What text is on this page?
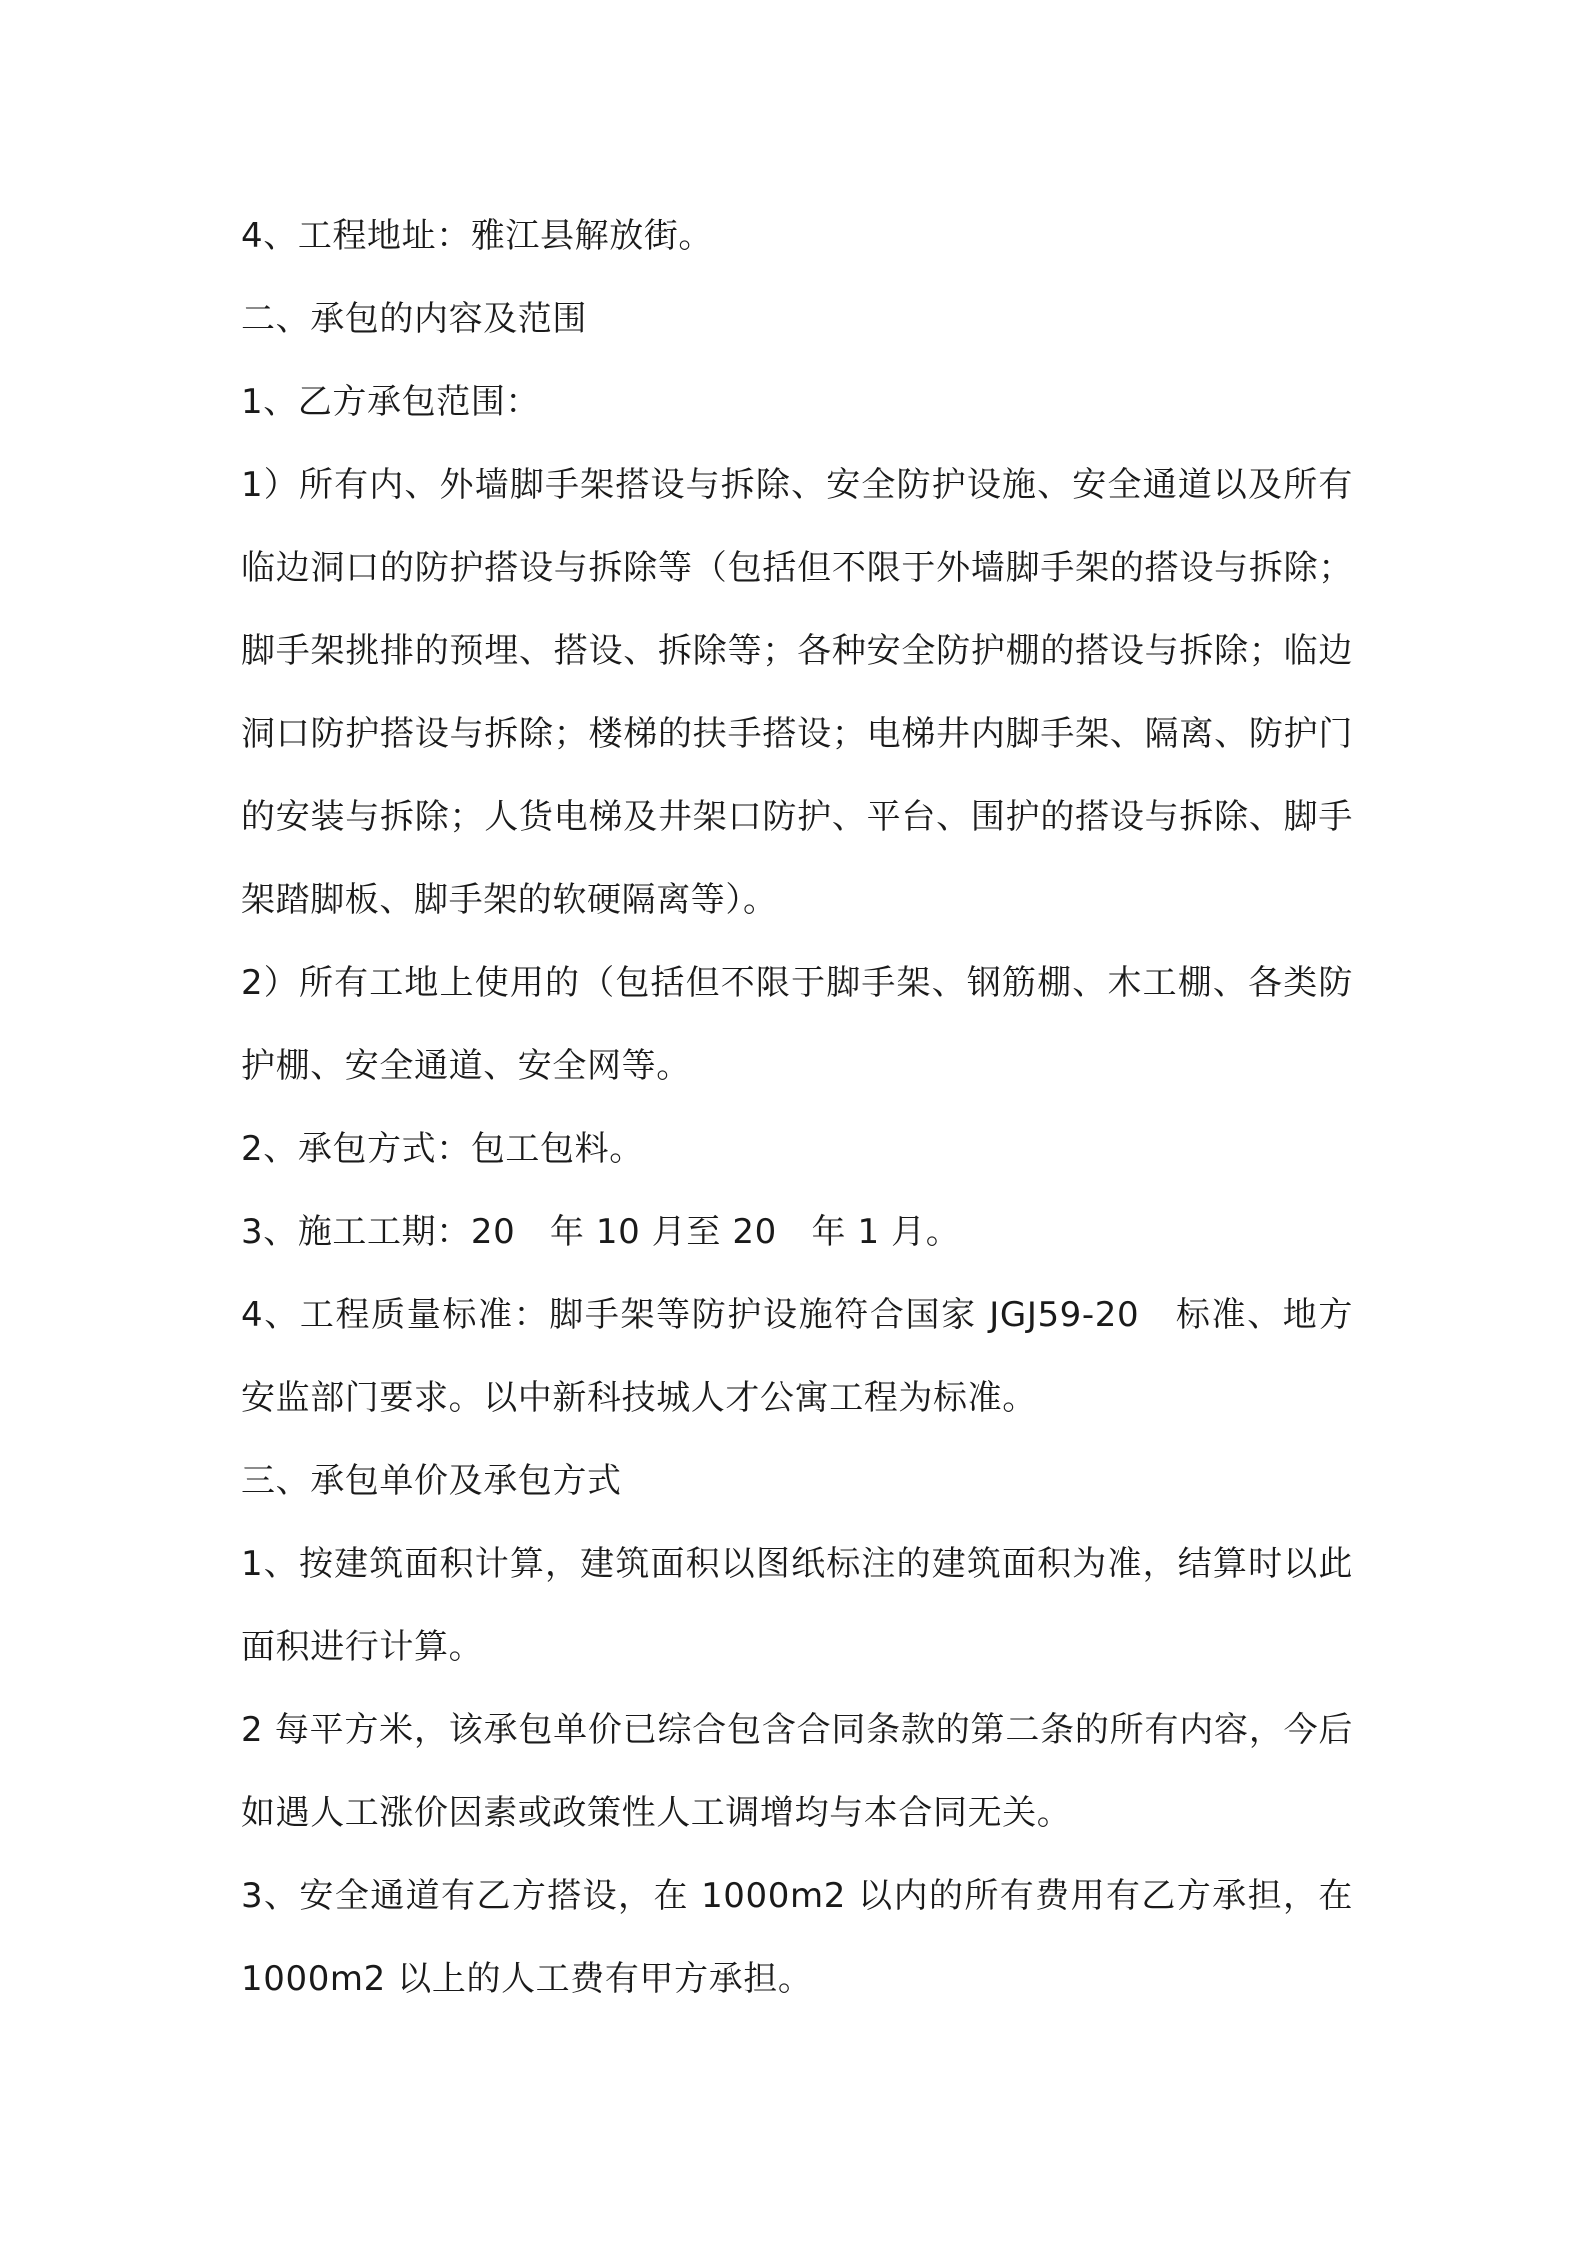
4、工程地址：雅江县解放街。

二、承包的内容及范围

1、乙方承包范围：

1）所有内、外墙脚手架搭设与拆除、安全防护设施、安全通道以及所有临边洞口的防护搭设与拆除等（包括但不限于外墙脚手架的搭设与拆除；脚手架挑排的预埋、搭设、拆除等；各种安全防护棚的搭设与拆除；临边洞口防护搭设与拆除；楼梯的扶手搭设；电梯井内脚手架、隔离、防护门的安装与拆除；人货电梯及井架口防护、平台、围护的搭设与拆除、脚手架踏脚板、脚手架的软硬隔离等）。

2）所有工地上使用的（包括但不限于脚手架、钢筋棚、木工棚、各类防护棚、安全通道、安全网等。

2、承包方式：包工包料。

3、施工工期：20　年 10 月至 20　年 1 月。

4、工程质量标准：脚手架等防护设施符合国家 JGJ59-20　标准、地方安监部门要求。以中新科技城人才公寓工程为标准。

三、承包单价及承包方式

1、按建筑面积计算，建筑面积以图纸标注的建筑面积为准，结算时以此面积进行计算。

2 每平方米，该承包单价已综合包含合同条款的第二条的所有内容，今后如遇人工涨价因素或政策性人工调增均与本合同无关。

3、安全通道有乙方搭设，在 1000m2 以内的所有费用有乙方承担，在 1000m2 以上的人工费有甲方承担。
